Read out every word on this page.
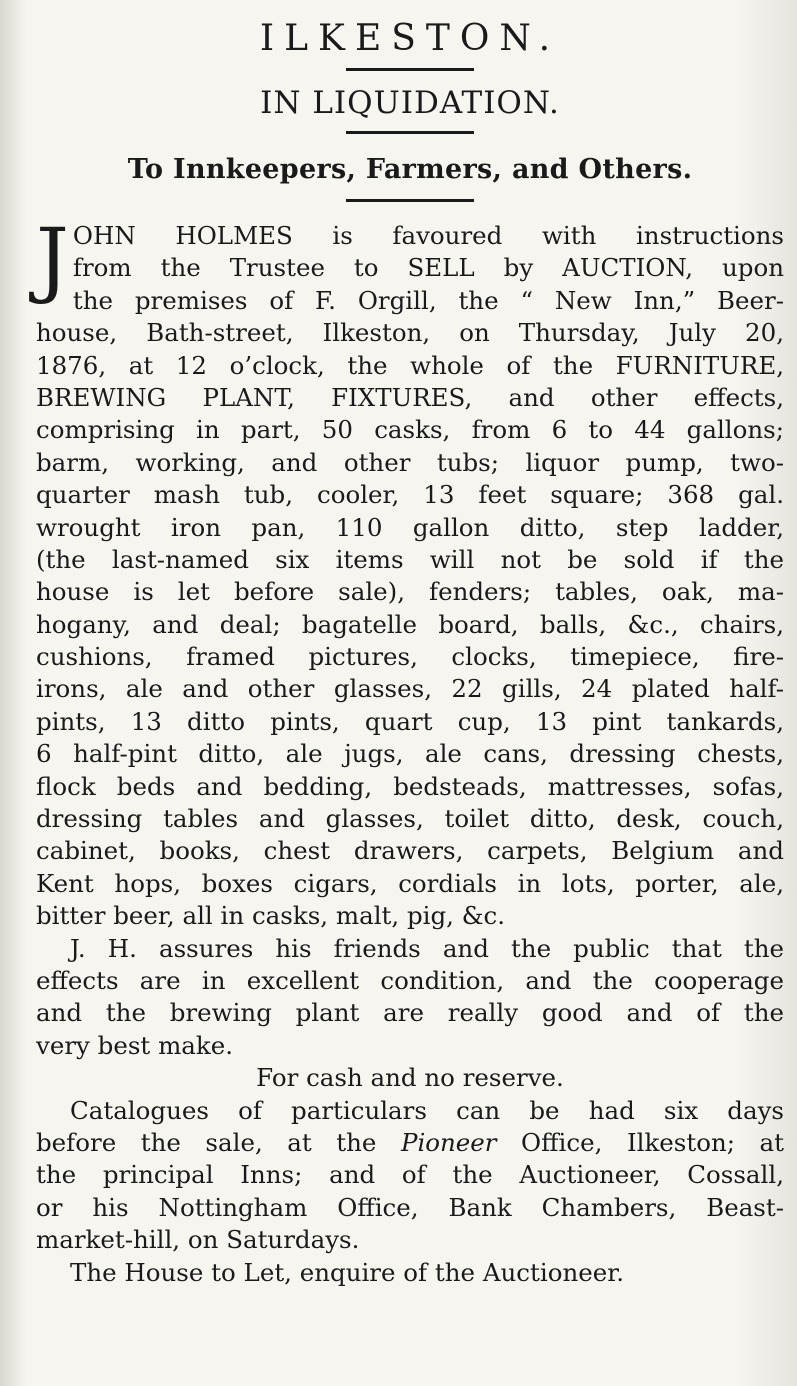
ILKESTON.
IN LIQUIDATION.
To Innkeepers, Farmers, and Others.
J OHN HOLMES is favoured with instructions
from the Trustee to SELL by AUCTION, upon
the premises of F. Orgill, the “ New Inn,” Beer-
house, Bath-street, Ilkeston, on Thursday, July 20,
1876, at 12 o’clock, the whole of the FURNITURE,
BREWING PLANT, FIXTURES, and other effects,
comprising in part, 50 casks, from 6 to 44 gallons;
barm, working, and other tubs; liquor pump, two-
quarter mash tub, cooler, 13 feet square; 368 gal.
wrought iron pan, 110 gallon ditto, step ladder,
(the last-named six items will not be sold if the
house is let before sale), fenders; tables, oak, ma-
hogany, and deal; bagatelle board, balls, &c., chairs,
cushions, framed pictures, clocks, timepiece, fire-
irons, ale and other glasses, 22 gills, 24 plated half-
pints, 13 ditto pints, quart cup, 13 pint tankards,
6 half-pint ditto, ale jugs, ale cans, dressing chests,
flock beds and bedding, bedsteads, mattresses, sofas,
dressing tables and glasses, toilet ditto, desk, couch,
cabinet, books, chest drawers, carpets, Belgium and
Kent hops, boxes cigars, cordials in lots, porter, ale,
bitter beer, all in casks, malt, pig, &c.
J. H. assures his friends and the public that the
effects are in excellent condition, and the cooperage
and the brewing plant are really good and of the
very best make.
For cash and no reserve.
Catalogues of particulars can be had six days
before the sale, at the Pioneer Office, Ilkeston; at
the principal Inns; and of the Auctioneer, Cossall,
or his Nottingham Office, Bank Chambers, Beast-
market-hill, on Saturdays.
The House to Let, enquire of the Auctioneer.
